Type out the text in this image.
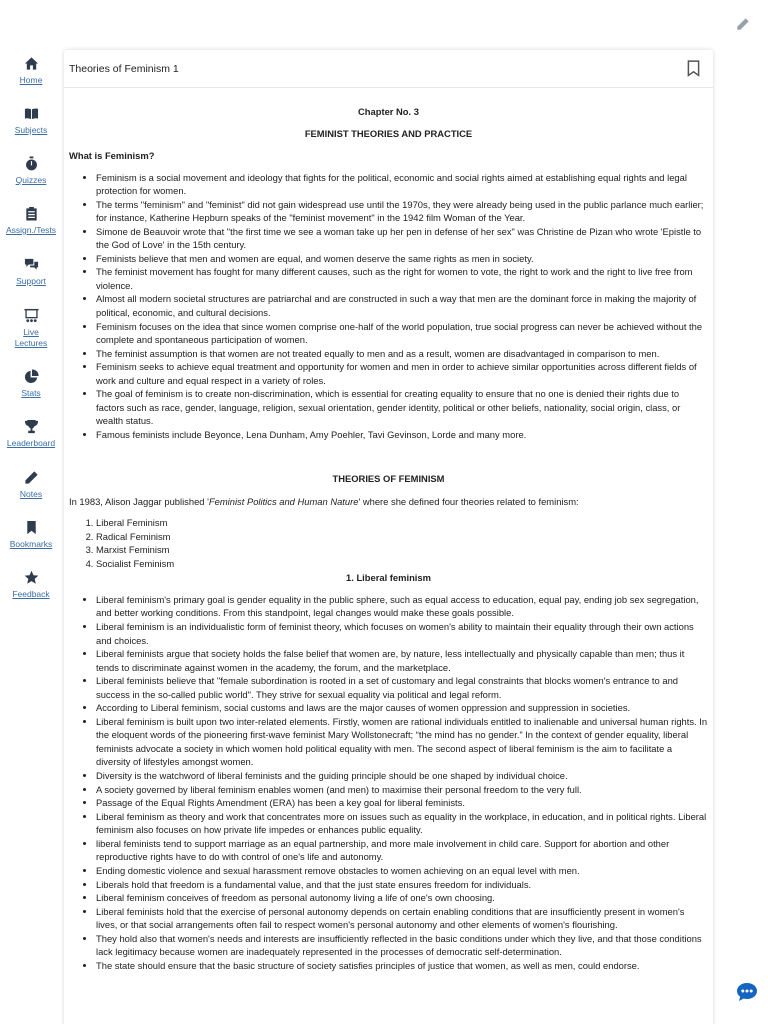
Home
Subjects
Quizzes
Assign./Tests
Support
Live Lectures
Stats
Leaderboard
Notes
Bookmarks
Feedback
Theories of Feminism 1
Chapter No. 3
FEMINIST THEORIES AND PRACTICE
What is Feminism?
• Feminism is a social movement and ideology that fights for the political, economic and social rights aimed at establishing equal rights and legal protection for women.
• The terms "feminism" and "feminist" did not gain widespread use until the 1970s, they were already being used in the public parlance much earlier; for instance, Katherine Hepburn speaks of the "feminist movement" in the 1942 film Woman of the Year.
• Simone de Beauvoir wrote that "the first time we see a woman take up her pen in defense of her sex" was Christine de Pizan who wrote 'Epistle to the God of Love' in the 15th century.
• Feminists believe that men and women are equal, and women deserve the same rights as men in society.
• The feminist movement has fought for many different causes, such as the right for women to vote, the right to work and the right to live free from violence.
• Almost all modern societal structures are patriarchal and are constructed in such a way that men are the dominant force in making the majority of political, economic, and cultural decisions.
• Feminism focuses on the idea that since women comprise one-half of the world population, true social progress can never be achieved without the complete and spontaneous participation of women.
• The feminist assumption is that women are not treated equally to men and as a result, women are disadvantaged in comparison to men.
• Feminism seeks to achieve equal treatment and opportunity for women and men in order to achieve similar opportunities across different fields of work and culture and equal respect in a variety of roles.
• The goal of feminism is to create non-discrimination, which is essential for creating equality to ensure that no one is denied their rights due to factors such as race, gender, language, religion, sexual orientation, gender identity, political or other beliefs, nationality, social origin, class, or wealth status.
• Famous feminists include Beyonce, Lena Dunham, Amy Poehler, Tavi Gevinson, Lorde and many more.
THEORIES OF FEMINISM

In 1983, Alison Jaggar published 'Feminist Politics and Human Nature' where she defined four theories related to feminism:

1. Liberal Feminism
2. Radical Feminism
3. Marxist Feminism
4. Socialist Feminism
1. Liberal feminism
• Liberal feminism's primary goal is gender equality in the public sphere, such as equal access to education, equal pay, ending job sex segregation, and better working conditions. From this standpoint, legal changes would make these goals possible.
• Liberal feminism is an individualistic form of feminist theory, which focuses on women's ability to maintain their equality through their own actions and choices.
• Liberal feminists argue that society holds the false belief that women are, by nature, less intellectually and physically capable than men; thus it tends to discriminate against women in the academy, the forum, and the marketplace.
• Liberal feminists believe that "female subordination is rooted in a set of customary and legal constraints that blocks women's entrance to and success in the so-called public world". They strive for sexual equality via political and legal reform.
• According to Liberal feminism, social customs and laws are the major causes of women oppression and suppression in societies.
• Liberal feminism is built upon two inter-related elements. Firstly, women are rational individuals entitled to inalienable and universal human rights. In the eloquent words of the pioneering first-wave feminist Mary Wollstonecraft; “the mind has no gender.” In the context of gender equality, liberal feminists advocate a society in which women hold political equality with men. The second aspect of liberal feminism is the aim to facilitate a diversity of lifestyles amongst women.
• Diversity is the watchword of liberal feminists and the guiding principle should be one shaped by individual choice.
• A society governed by liberal feminism enables women (and men) to maximise their personal freedom to the very full.
• Passage of the Equal Rights Amendment (ERA) has been a key goal for liberal feminists.
• Liberal feminism as theory and work that concentrates more on issues such as equality in the workplace, in education, and in political rights. Liberal feminism also focuses on how private life impedes or enhances public equality.
• liberal feminists tend to support marriage as an equal partnership, and more male involvement in child care. Support for abortion and other reproductive rights have to do with control of one's life and autonomy.
• Ending domestic violence and sexual harassment remove obstacles to women achieving on an equal level with men.
• Liberals hold that freedom is a fundamental value, and that the just state ensures freedom for individuals.
• Liberal feminism conceives of freedom as personal autonomy living a life of one's own choosing.
• Liberal feminists hold that the exercise of personal autonomy depends on certain enabling conditions that are insufficiently present in women's lives, or that social arrangements often fail to respect women's personal autonomy and other elements of women's flourishing.
• They hold also that women's needs and interests are insufficiently reflected in the basic conditions under which they live, and that those conditions lack legitimacy because women are inadequately represented in the processes of democratic self-determination.
• The state should ensure that the basic structure of society satisfies principles of justice that women, as well as men, could endorse.
